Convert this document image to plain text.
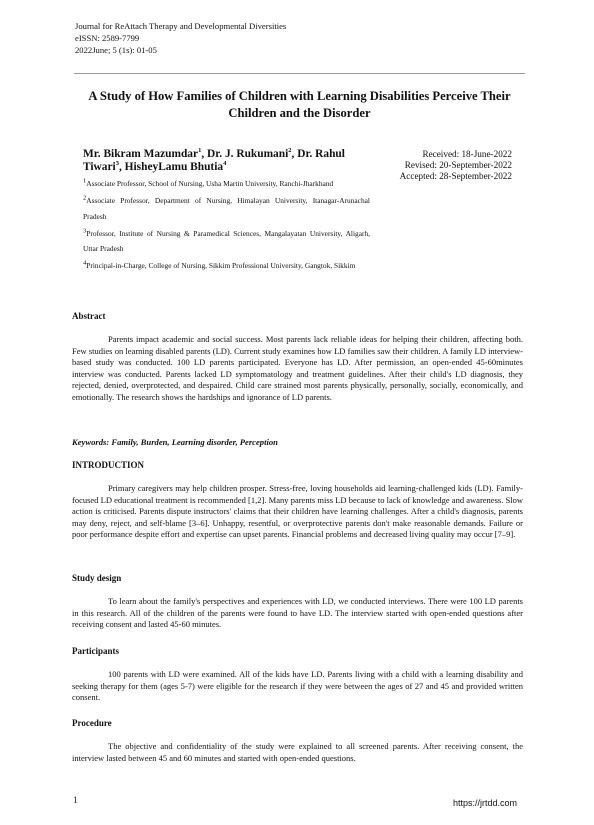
Journal for ReAttach Therapy and Developmental Diversities
eISSN: 2589-7799
2022June; 5 (1s): 01-05
A Study of How Families of Children with Learning Disabilities Perceive Their Children and the Disorder
Mr. Bikram Mazumdar$^1$, Dr. J. Rukumani$^2$, Dr. Rahul Tiwari$^3$, HisheyLamu Bhutia$^4$
Received: 18-June-2022
Revised: 20-September-2022
Accepted: 28-September-2022

$^1$Associate Professor, School of Nursing, Usha Martin University, Ranchi-Jharkhand

$^2$Associate Professor, Department of Nursing, Himalayan University, Itanagar-Arunachal Pradesh

$^3$Professor, Institute of Nursing & Paramedical Sciences, Mangalayatan University, Aligarh, Uttar Pradesh

$^4$Principal-in-Charge, College of Nursing, Sikkim Professional University, Gangtok, Sikkim

Abstract

Parents impact academic and social success. Most parents lack reliable ideas for helping their children, affecting both. Few studies on learning disabled parents (LD). Current study examines how LD families saw their children. A family LD interview-based study was conducted. 100 LD parents participated. Everyone has LD. After permission, an open-ended 45-60minutes interview was conducted. Parents lacked LD symptomatology and treatment guidelines. After their child's LD diagnosis, they rejected, denied, overprotected, and despaired. Child care strained most parents physically, personally, socially, economically, and emotionally. The research shows the hardships and ignorance of LD parents.

Keywords: Family, Burden, Learning disorder, Perception
INTRODUCTION

Primary caregivers may help children prosper. Stress-free, loving households aid learning-challenged kids (LD). Family-focused LD educational treatment is recommended [1,2]. Many parents miss LD because to lack of knowledge and awareness. Slow action is criticised. Parents dispute instructors' claims that their children have learning challenges. After a child's diagnosis, parents may deny, reject, and self-blame [3–6]. Unhappy, resentful, or overprotective parents don't make reasonable demands. Failure or poor performance despite effort and expertise can upset parents. Financial problems and decreased living quality may occur [7–9].

Study design

To learn about the family's perspectives and experiences with LD, we conducted interviews. There were 100 LD parents in this research. All of the children of the parents were found to have LD. The interview started with open-ended questions after receiving consent and lasted 45-60 minutes.

Participants

100 parents with LD were examined. All of the kids have LD. Parents living with a child with a learning disability and seeking therapy for them (ages 5-7) were eligible for the research if they were between the ages of 27 and 45 and provided written consent.

Procedure

The objective and confidentiality of the study were explained to all screened parents. After receiving consent, the interview lasted between 45 and 60 minutes and started with open-ended questions.

1	https://jrtdd.com
